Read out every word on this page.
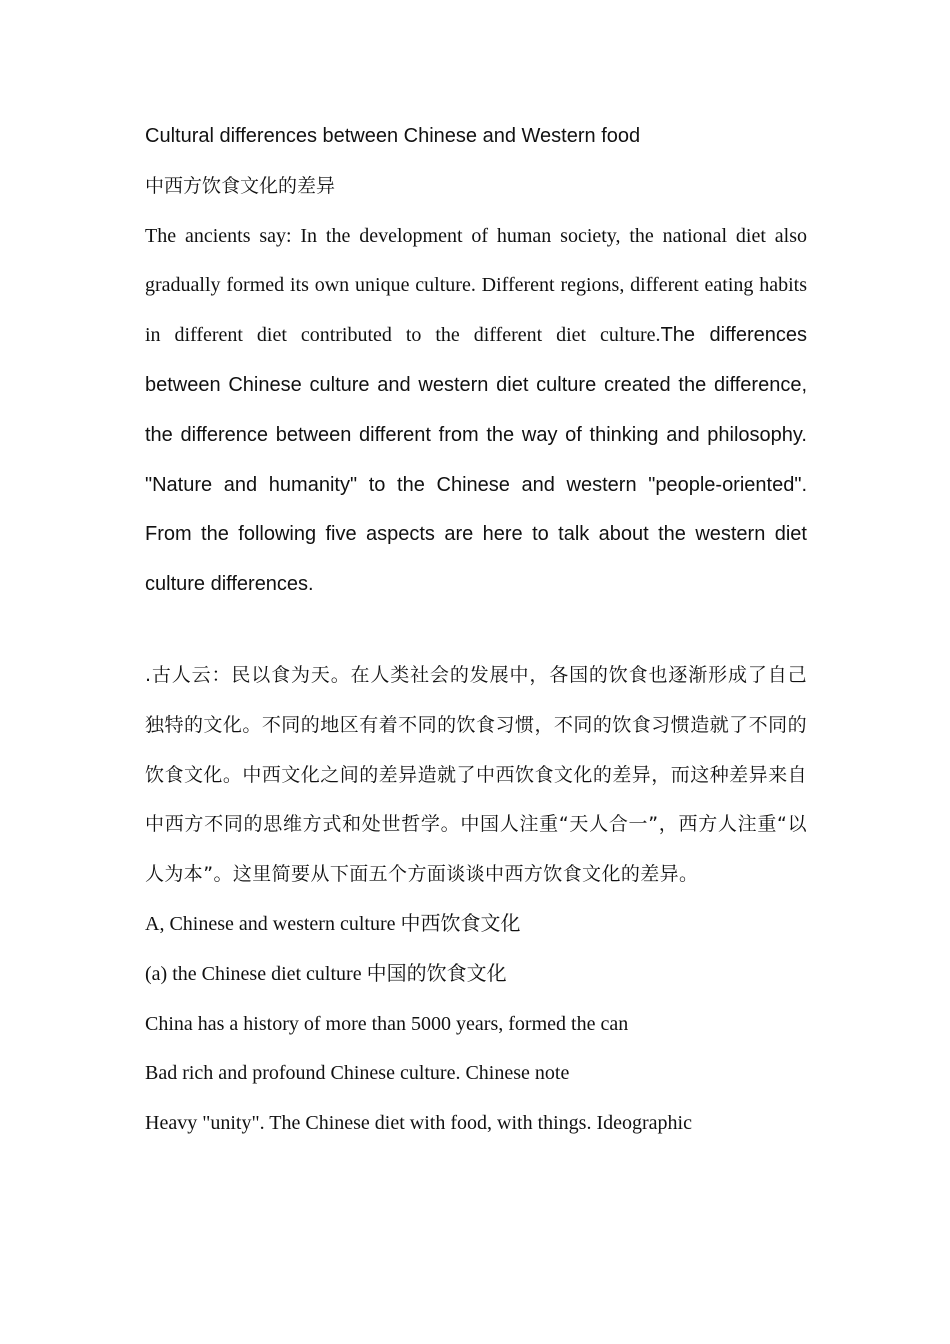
Cultural differences between Chinese and Western food
中西方饮食文化的差异

The ancients say: In the development of human society, the national diet also gradually formed its own unique culture. Different regions, different eating habits in different diet contributed to the different diet culture.The differences between Chinese culture and western diet culture created the difference, the difference between different from the way of thinking and philosophy. "Nature and humanity" to the Chinese and western "people-oriented". From the following five aspects are here to talk about the western diet culture differences.

.古人云：民以食为天。在人类社会的发展中，各国的饮食也逐渐形成了自己独特的文化。不同的地区有着不同的饮食习惯，不同的饮食习惯造就了不同的饮食文化。中西文化之间的差异造就了中西饮食文化的差异，而这种差异来自中西方不同的思维方式和处世哲学。中国人注重“天人合一”，西方人注重“以人为本”。这里简要从下面五个方面谈谈中西方饮食文化的差异。

A, Chinese and western culture 中西饮食文化
(a) the Chinese diet culture 中国的饮食文化
China has a history of more than 5000 years, formed the can
Bad rich and profound Chinese culture. Chinese note
Heavy "unity". The Chinese diet with food, with things. Ideographic
